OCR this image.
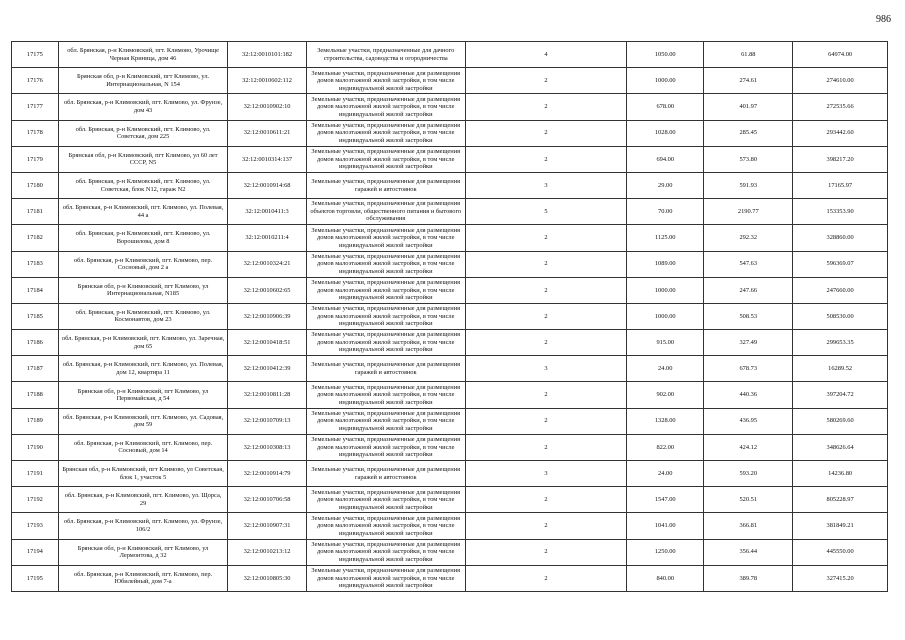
986
17175	обл. Брянская, р-н Климовский, пгт. Климово, Урочище Черная Криница, дом 46	32:12:0010101:182	Земельные участки, предназначенные для дачного строительства, садоводства и огородничества	4	1050.00	61.88	64974.00
17176	Брянская обл, р-н Климовский, пгт Климово, ул. Интернациональная, N 154	32:12:0010602:112	Земельные участки, предназначенные для размещения домов малоэтажной жилой застройки, в том числе индивидуальной жилой застройки	2	1000.00	274.61	274610.00
17177	обл. Брянская, р-н Климовский, пгт. Климово, ул. Фрунзе, дом 43	32:12:0010902:10	Земельные участки, предназначенные для размещения домов малоэтажной жилой застройки, в том числе индивидуальной жилой застройки	2	678.00	401.97	272535.66
17178	обл. Брянская, р-н Климовский, пгт. Климово, ул. Советская, дом 225	32:12:0010611:21	Земельные участки, предназначенные для размещения домов малоэтажной жилой застройки, в том числе индивидуальной жилой застройки	2	1028.00	285.45	293442.60
17179	Брянская обл, р-н Климовский, пгт Климово, ул 60 лет СССР, N5	32:12:0010314:137	Земельные участки, предназначенные для размещения домов малоэтажной жилой застройки, в том числе индивидуальной жилой застройки	2	694.00	573.80	398217.20
17180	обл. Брянская, р-н Климовский, пгт. Климово, ул. Советская, блок N12, гараж N2	32:12:0010914:68	Земельные участки, предназначенные для размещения гаражей и автостоянок	3	29.00	591.93	17165.97
17181	обл. Брянская, р-н Климовский, пгт. Климово, ул. Полевая, 44 а	32:12:0010411:3	Земельные участки, предназначенные для размещения объектов торговли, общественного питания и бытового обслуживания	5	70.00	2190.77	153353.90
17182	обл. Брянская, р-н Климовский, пгт. Климово, ул. Ворошилова, дом 8	32:12:0010211:4	Земельные участки, предназначенные для размещения домов малоэтажной жилой застройки, в том числе индивидуальной жилой застройки	2	1125.00	292.32	328860.00
17183	обл. Брянская, р-н Климовский, пгт. Климово, пер. Сосновый, дом 2 а	32:12:0010324:21	Земельные участки, предназначенные для размещения домов малоэтажной жилой застройки, в том числе индивидуальной жилой застройки	2	1089.00	547.63	596369.07
17184	Брянская обл, р-н Климовский, пгт Климово, ул Интернациональная, N185	32:12:0010602:65	Земельные участки, предназначенные для размещения домов малоэтажной жилой застройки, в том числе индивидуальной жилой застройки	2	1000.00	247.66	247660.00
17185	обл. Брянская, р-н Климовский, пгт. Климово, ул. Космонавтов, дом 23	32:12:0010906:39	Земельные участки, предназначенные для размещения домов малоэтажной жилой застройки, в том числе индивидуальной жилой застройки	2	1000.00	508.53	508530.00
17186	обл. Брянская, р-н Климовский, пгт. Климово, ул. Заречная, дом 65	32:12:0010418:51	Земельные участки, предназначенные для размещения домов малоэтажной жилой застройки, в том числе индивидуальной жилой застройки	2	915.00	327.49	299653.35
17187	обл. Брянская, р-н Климовский, пгт. Климово, ул. Полевая, дом 12, квартира 11	32:12:0010412:39	Земельные участки, предназначенные для размещения гаражей и автостоянок	3	24.00	678.73	16289.52
17188	Брянская обл, р-н Климовский, пгт Климово, ул Первомайская, д 54	32:12:0010811:28	Земельные участки, предназначенные для размещения домов малоэтажной жилой застройки, в том числе индивидуальной жилой застройки	2	902.00	440.36	397204.72
17189	обл. Брянская, р-н Климовский, пгт. Климово, ул. Садовая, дом 59	32:12:0010709:13	Земельные участки, предназначенные для размещения домов малоэтажной жилой застройки, в том числе индивидуальной жилой застройки	2	1328.00	436.95	580269.60
17190	обл. Брянская, р-н Климовский, пгт. Климово, пер. Сосновый, дом 14	32:12:0010308:13	Земельные участки, предназначенные для размещения домов малоэтажной жилой застройки, в том числе индивидуальной жилой застройки	2	822.00	424.12	348626.64
17191	Брянская обл, р-н Климовский, пгт Климово, ул Советская, блок 1, участок 5	32:12:0010914:79	Земельные участки, предназначенные для размещения гаражей и автостоянок	3	24.00	593.20	14236.80
17192	обл. Брянская, р-н Климовский, пгт. Климово, ул. Щорса, 29	32:12:0010706:58	Земельные участки, предназначенные для размещения домов малоэтажной жилой застройки, в том числе индивидуальной жилой застройки	2	1547.00	520.51	805228.97
17193	обл. Брянская, р-н Климовский, пгт. Климово, ул. Фрунзе, 106/2	32:12:0010907:31	Земельные участки, предназначенные для размещения домов малоэтажной жилой застройки, в том числе индивидуальной жилой застройки	2	1041.00	366.81	381849.21
17194	Брянская обл, р-н Климовский, пгт Климово, ул Лермонтова, д 32	32:12:0010213:12	Земельные участки, предназначенные для размещения домов малоэтажной жилой застройки, в том числе индивидуальной жилой застройки	2	1250.00	356.44	445550.00
17195	обл. Брянская, р-н Климовский, пгт. Климово, пер. Юбилейный, дом 7-а	32:12:0010805:30	Земельные участки, предназначенные для размещения домов малоэтажной жилой застройки, в том числе индивидуальной жилой застройки	2	840.00	389.78	327415.20
